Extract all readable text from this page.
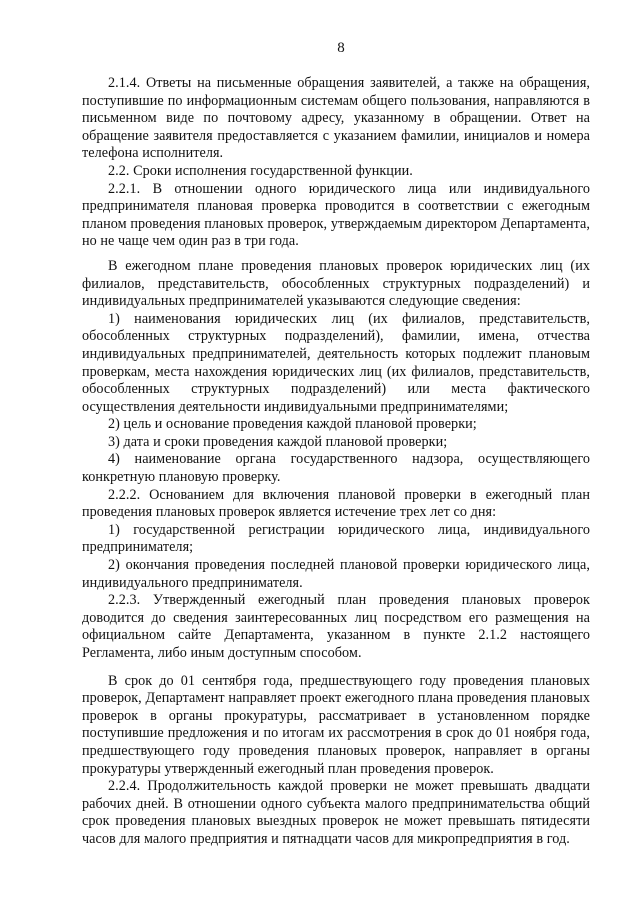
8

2.1.4. Ответы на письменные обращения заявителей, а также на обращения, поступившие по информационным системам общего пользования, направляются в письменном виде по почтовому адресу, указанному в обращении. Ответ на обращение заявителя предоставляется с указанием фамилии, инициалов и номера телефона исполнителя.

2.2. Сроки исполнения государственной функции.

2.2.1. В отношении одного юридического лица или индивидуального предпринимателя плановая проверка проводится в соответствии с ежегодным планом проведения плановых проверок, утверждаемым директором Департамента, но не чаще чем один раз в три года.

В ежегодном плане проведения плановых проверок юридических лиц (их филиалов, представительств, обособленных структурных подразделений) и индивидуальных предпринимателей указываются следующие сведения:

1) наименования юридических лиц (их филиалов, представительств, обособленных структурных подразделений), фамилии, имена, отчества индивидуальных предпринимателей, деятельность которых подлежит плановым проверкам, места нахождения юридических лиц (их филиалов, представительств, обособленных структурных подразделений) или места фактического осуществления деятельности индивидуальными предпринимателями;

2) цель и основание проведения каждой плановой проверки;

3) дата и сроки проведения каждой плановой проверки;

4) наименование органа государственного надзора, осуществляющего конкретную плановую проверку.

2.2.2. Основанием для включения плановой проверки в ежегодный план проведения плановых проверок является истечение трех лет со дня:

1) государственной регистрации юридического лица, индивидуального предпринимателя;

2) окончания проведения последней плановой проверки юридического лица, индивидуального предпринимателя.

2.2.3. Утвержденный ежегодный план проведения плановых проверок доводится до сведения заинтересованных лиц посредством его размещения на официальном сайте Департамента, указанном в пункте 2.1.2 настоящего Регламента, либо иным доступным способом.

В срок до 01 сентября года, предшествующего году проведения плановых проверок, Департамент направляет проект ежегодного плана проведения плановых проверок в органы прокуратуры, рассматривает в установленном порядке поступившие предложения и по итогам их рассмотрения в срок до 01 ноября года, предшествующего году проведения плановых проверок, направляет в органы прокуратуры утвержденный ежегодный план проведения проверок.

2.2.4. Продолжительность каждой проверки не может превышать двадцати рабочих дней. В отношении одного субъекта малого предпринимательства общий срок проведения плановых выездных проверок не может превышать пятидесяти часов для малого предприятия и пятнадцати часов для микропредприятия в год.
